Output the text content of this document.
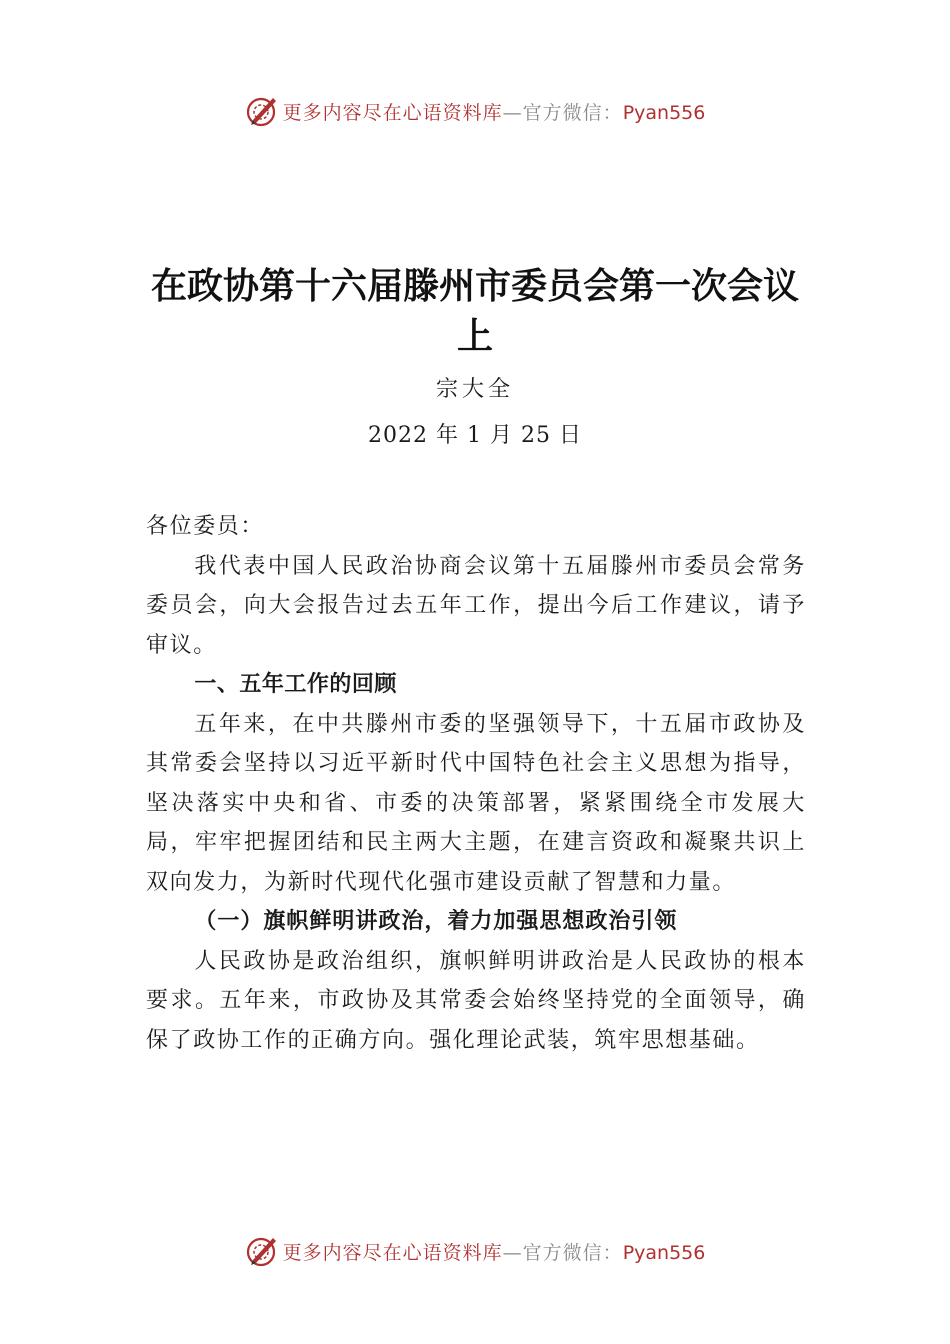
更多内容尽在心语资料库—官方微信：Pyan556
在政协第十六届滕州市委员会第一次会议
上
宗大全
2022 年 1 月 25 日

各位委员：

我代表中国人民政治协商会议第十五届滕州市委员会常务委员会，向大会报告过去五年工作，提出今后工作建议，请予审议。

一、五年工作的回顾

五年来，在中共滕州市委的坚强领导下，十五届市政协及其常委会坚持以习近平新时代中国特色社会主义思想为指导，坚决落实中央和省、市委的决策部署，紧紧围绕全市发展大局，牢牢把握团结和民主两大主题，在建言资政和凝聚共识上双向发力，为新时代现代化强市建设贡献了智慧和力量。

（一）旗帜鲜明讲政治，着力加强思想政治引领

人民政协是政治组织，旗帜鲜明讲政治是人民政协的根本要求。五年来，市政协及其常委会始终坚持党的全面领导，确保了政协工作的正确方向。强化理论武装，筑牢思想基础。

更多内容尽在心语资料库—官方微信：Pyan556
